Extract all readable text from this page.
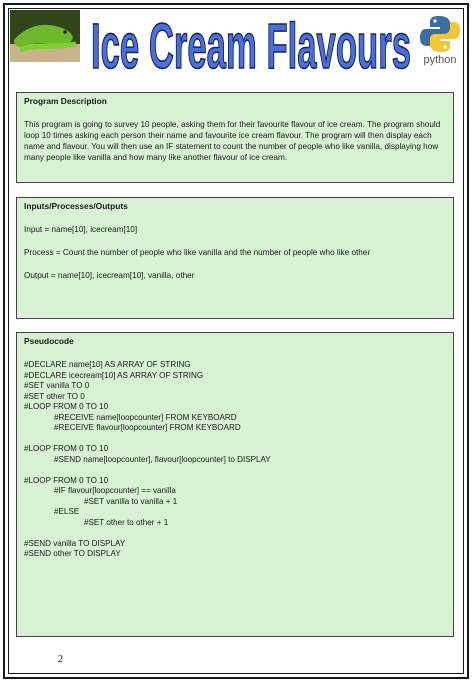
Ice Cream Flavours	python
Program Description

This program is going to survey 10 people, asking them for their favourite flavour of ice cream. The program should loop 10 times asking each person their name and favourite ice cream flavour. The program will then display each name and flavour. You will then use an IF statement to count the number of people who like vanilla, displaying how many people like vanilla and how many like another flavour of ice cream.

Inputs/Processes/Outputs
Input = name[10], icecream[10]
Process = Count the number of people who like vanilla and the number of people who like other
Output = name[10], icecream[10], vanilla, other
Pseudocode
#DECLARE name[10] AS ARRAY OF STRING
#DECLARE icecream[10] AS ARRAY OF STRING
#SET vanilla TO 0
#SET other TO 0
#LOOP FROM 0 TO 10
#RECEIVE name[loopcounter] FROM KEYBOARD
#RECEIVE flavour[loopcounter] FROM KEYBOARD
#LOOP FROM 0 TO 10
#SEND name[loopcounter], flavour[loopcounter] to DISPLAY
#LOOP FROM 0 TO 10
#IF flavour[loopcounter] == vanilla
#SET vanilla to vanilla + 1
#ELSE
#SET other to other + 1
#SEND vanilla TO DISPLAY
#SEND other TO DISPLAY
2
